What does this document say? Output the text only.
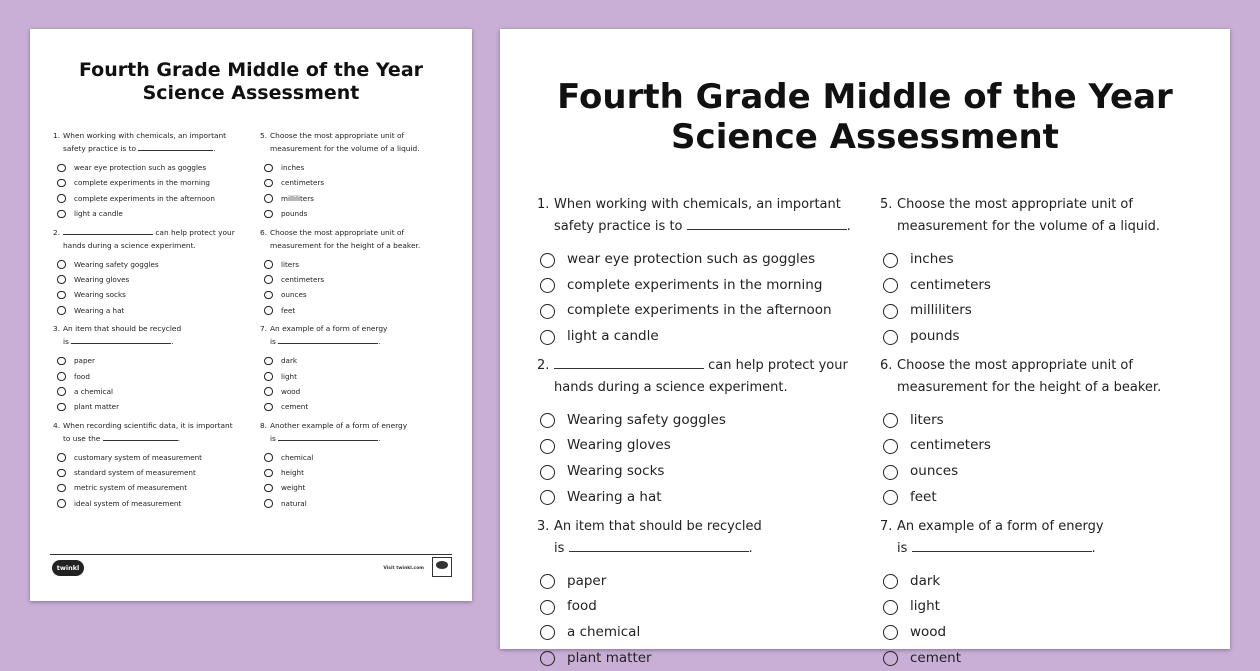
Fourth Grade Middle of the Year
Science Assessment
1. When working with chemicals, an important
safety practice is to	.
wear eye protection such as goggles
complete experiments in the morning
complete experiments in the afternoon
light a candle
2.	can help protect your
hands during a science experiment.
Wearing safety goggles
Wearing gloves
Wearing socks
Wearing a hat
3. An item that should be recycled
is	.
paper
food
a chemical
plant matter
4. When recording scientific data, it is important
to use the	.
customary system of measurement
standard system of measurement
metric system of measurement
ideal system of measurement
5. Choose the most appropriate unit of
measurement for the volume of a liquid.
inches
centimeters
milliliters
pounds
6. Choose the most appropriate unit of
measurement for the height of a beaker.
liters
centimeters
ounces
feet
7. An example of a form of energy
is	.
dark
light
wood
cement
8. Another example of a form of energy
is	.
chemical
height
weight
natural
twinkl	Visit twinkl.com
Fourth Grade Middle of the Year
Science Assessment
1. When working with chemicals, an important
safety practice is to	.
wear eye protection such as goggles
complete experiments in the morning
complete experiments in the afternoon
light a candle
2.	can help protect your
hands during a science experiment.
Wearing safety goggles
Wearing gloves
Wearing socks
Wearing a hat
3. An item that should be recycled
is	.
paper
food
a chemical
plant matter
5. Choose the most appropriate unit of
measurement for the volume of a liquid.
inches
centimeters
milliliters
pounds
6. Choose the most appropriate unit of
measurement for the height of a beaker.
liters
centimeters
ounces
feet
7. An example of a form of energy
is	.
dark
light
wood
cement
